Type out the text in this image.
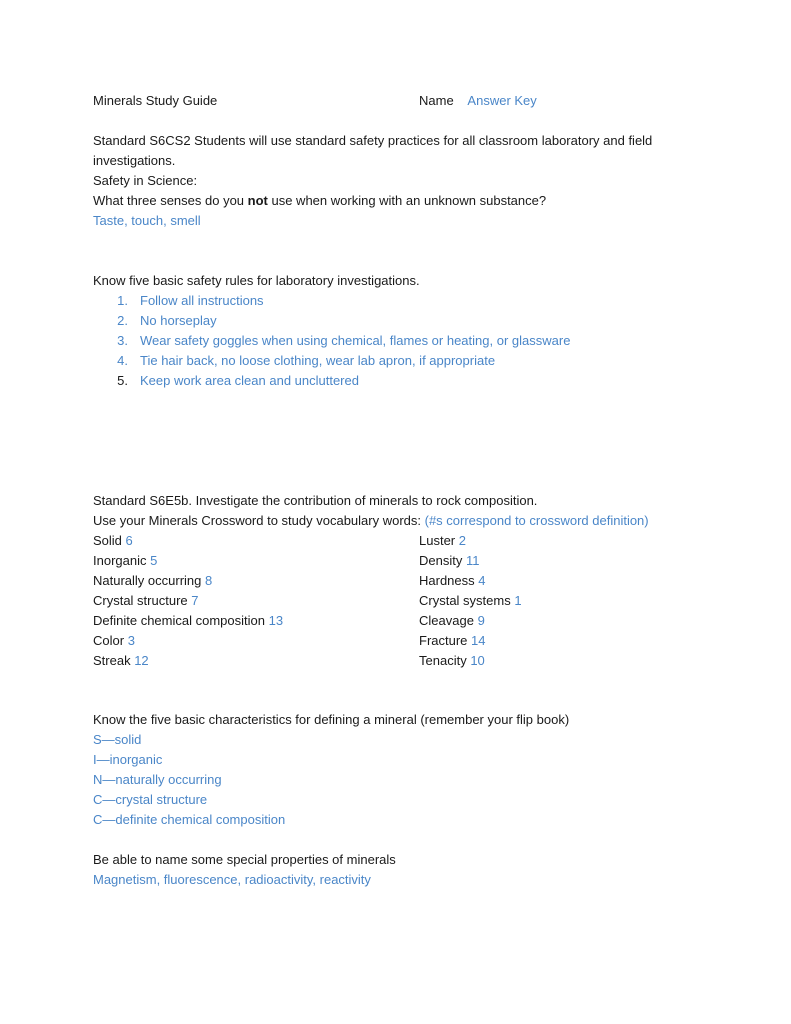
Minerals Study Guide	Name Answer Key
Standard S6CS2 Students will use standard safety practices for all classroom laboratory and field
investigations.
Safety in Science:
What three senses do you not use when working with an unknown substance?
Taste, touch, smell
Know five basic safety rules for laboratory investigations.
1. Follow all instructions
2. No horseplay
3. Wear safety goggles when using chemical, flames or heating, or glassware
4. Tie hair back, no loose clothing, wear lab apron, if appropriate
5. Keep work area clean and uncluttered
Standard S6E5b. Investigate the contribution of minerals to rock composition.
Use your Minerals Crossword to study vocabulary words: (#s correspond to crossword definition)
Solid 6
Inorganic 5
Naturally occurring 8
Crystal structure 7
Definite chemical composition 13
Color 3
Streak 12
Luster 2
Density 11
Hardness 4
Crystal systems 1
Cleavage 9
Fracture 14
Tenacity 10
Know the five basic characteristics for defining a mineral (remember your flip book)
S—solid
I—inorganic
N—naturally occurring
C—crystal structure
C—definite chemical composition
Be able to name some special properties of minerals
Magnetism, fluorescence, radioactivity, reactivity
